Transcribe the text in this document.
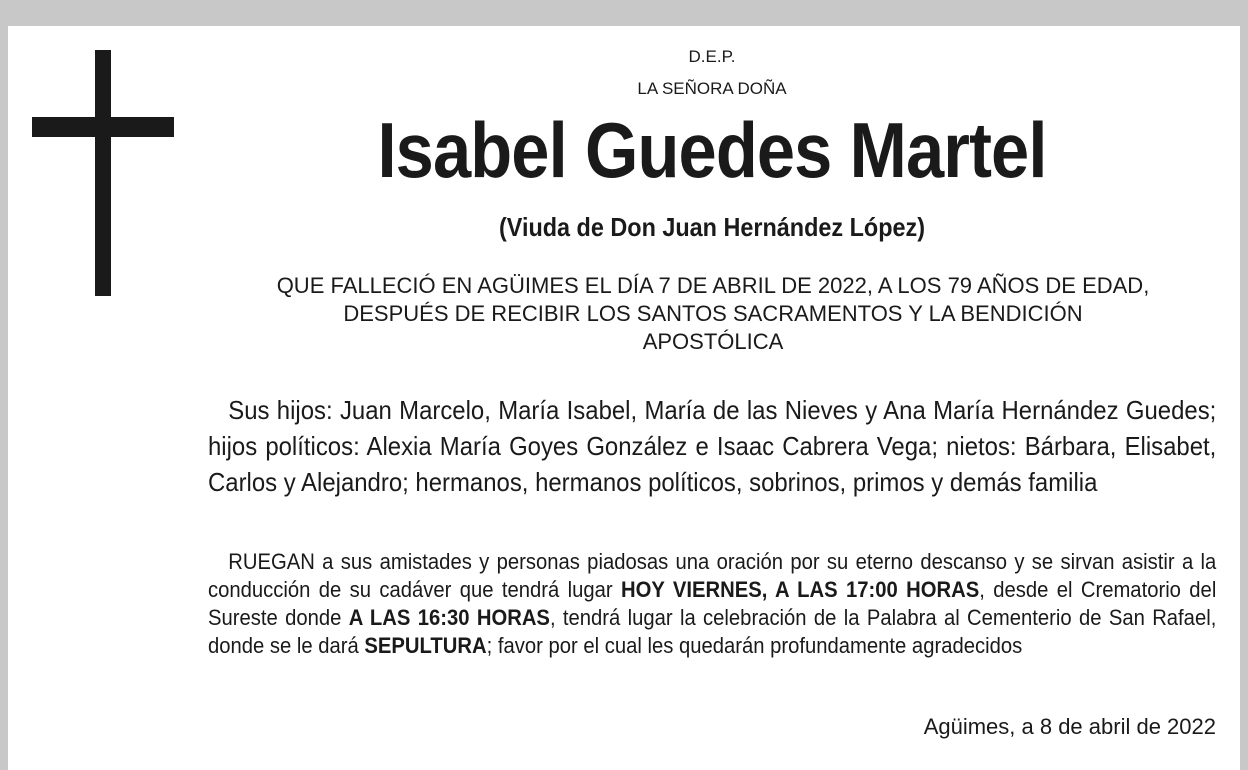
D.E.P.

LA SEÑORA DOÑA

Isabel Guedes Martel

(Viuda de Don Juan Hernández López)

QUE FALLECIÓ EN AGÜIMES EL DÍA 7 DE ABRIL DE 2022, A LOS 79 AÑOS DE EDAD,
DESPUÉS DE RECIBIR LOS SANTOS SACRAMENTOS Y LA BENDICIÓN
APOSTÓLICA

Sus hijos: Juan Marcelo, María Isabel, María de las Nieves y Ana María Hernández Guedes; hijos políticos: Alexia María Goyes González e Isaac Cabrera Vega; nietos: Bárbara, Elisabet, Carlos y Alejandro; hermanos, hermanos políticos, sobrinos, primos y demás familia

RUEGAN a sus amistades y personas piadosas una oración por su eterno descanso y se sirvan asistir a la conducción de su cadáver que tendrá lugar HOY VIERNES, A LAS 17:00 HORAS, desde el Crematorio del Sureste donde A LAS 16:30 HORAS, tendrá lugar la celebración de la Palabra al Cementerio de San Rafael, donde se le dará SEPULTURA; favor por el cual les quedarán profundamente agradecidos

Agüimes, a 8 de abril de 2022
